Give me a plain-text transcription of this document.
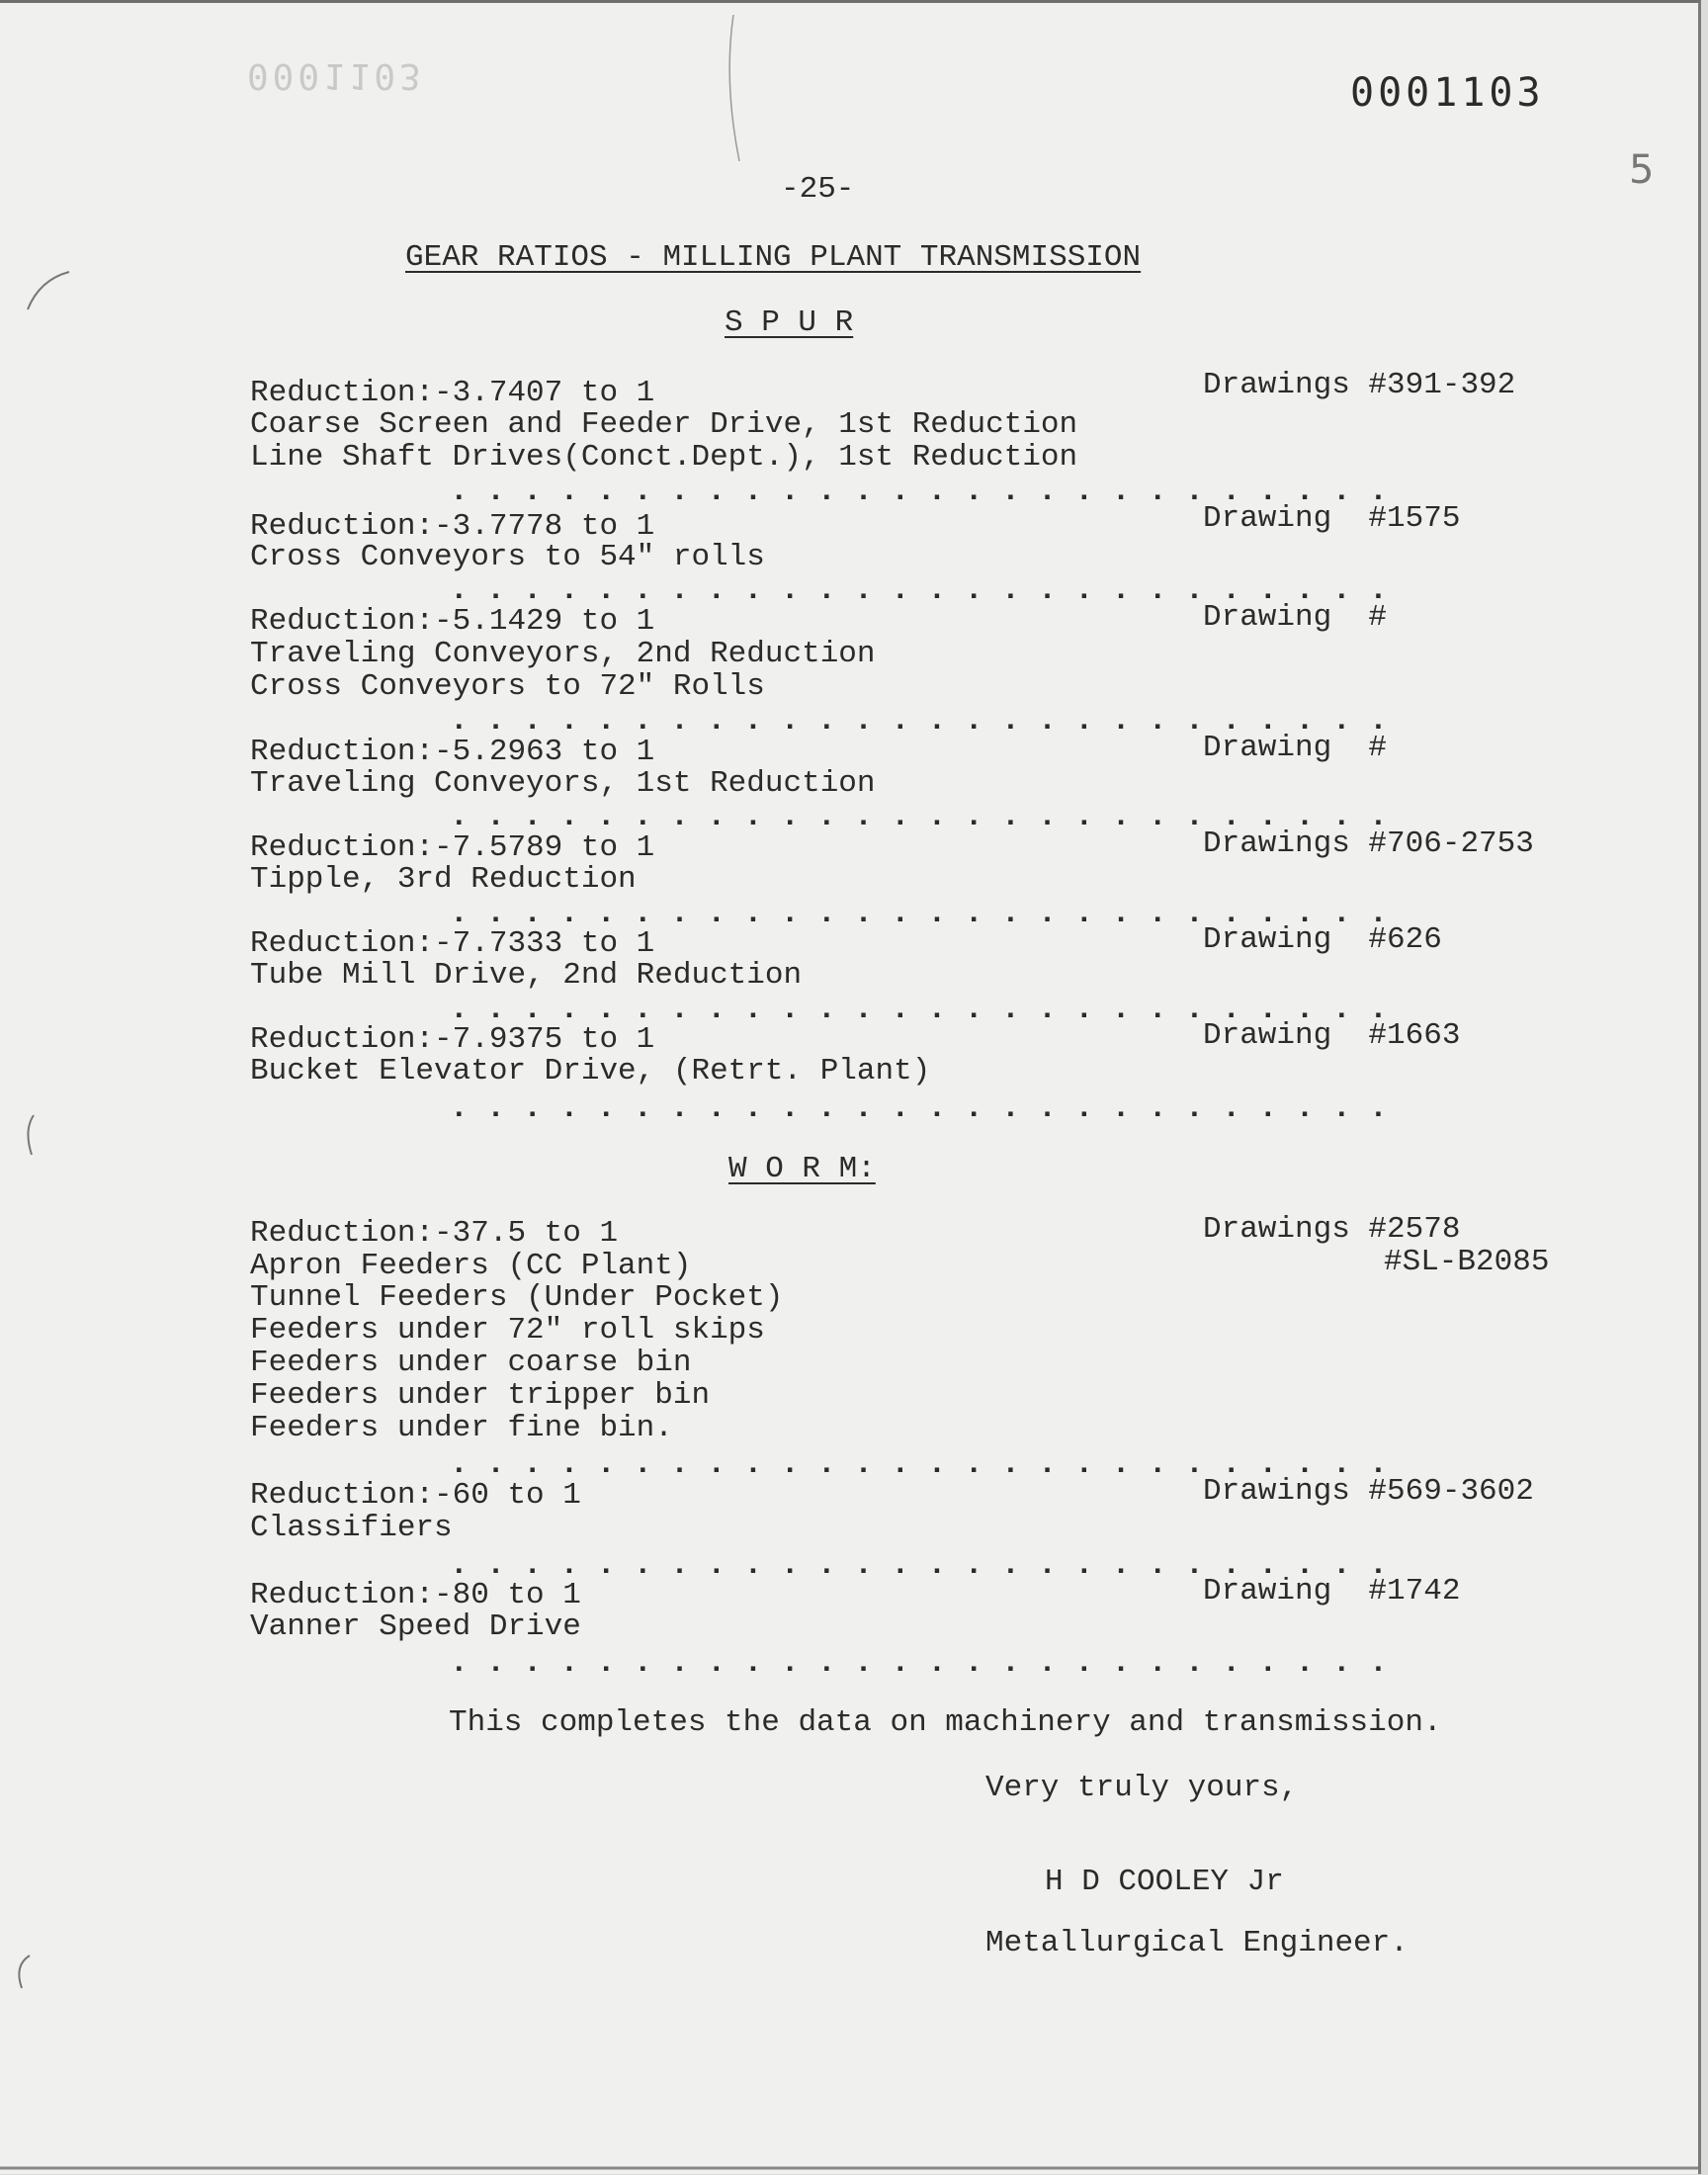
0001103	0001103
5
-25-
GEAR RATIOS - MILLING PLANT TRANSMISSION
S P U R
Reduction:-3.7407 to 1	Drawings #391-392
Coarse Screen and Feeder Drive, 1st Reduction
Line Shaft Drives(Conct.Dept.), 1st Reduction
. . . . . . . . . . . . . . . . . . . . . . . . . .
Reduction:-3.7778 to 1	Drawing  #1575
Cross Conveyors to 54" rolls
. . . . . . . . . . . . . . . . . . . . . . . . . .
Reduction:-5.1429 to 1	Drawing  #
Traveling Conveyors, 2nd Reduction
Cross Conveyors to 72" Rolls
. . . . . . . . . . . . . . . . . . . . . . . . . .
Reduction:-5.2963 to 1	Drawing  #
Traveling Conveyors, 1st Reduction
. . . . . . . . . . . . . . . . . . . . . . . . . .
Reduction:-7.5789 to 1	Drawings #706-2753
Tipple, 3rd Reduction
. . . . . . . . . . . . . . . . . . . . . . . . . .
Reduction:-7.7333 to 1	Drawing  #626
Tube Mill Drive, 2nd Reduction
. . . . . . . . . . . . . . . . . . . . . . . . . .
Reduction:-7.9375 to 1	Drawing  #1663
Bucket Elevator Drive, (Retrt. Plant)
. . . . . . . . . . . . . . . . . . . . . . . . . .
W O R M:
Reduction:-37.5 to 1	Drawings #2578
#SL-B2085
Apron Feeders (CC Plant)
Tunnel Feeders (Under Pocket)
Feeders under 72" roll skips
Feeders under coarse bin
Feeders under tripper bin
Feeders under fine bin.
. . . . . . . . . . . . . . . . . . . . . . . . . .
Reduction:-60 to 1	Drawings #569-3602
Classifiers
. . . . . . . . . . . . . . . . . . . . . . . . . .
Reduction:-80 to 1	Drawing  #1742
Vanner Speed Drive
. . . . . . . . . . . . . . . . . . . . . . . . . .
This completes the data on machinery and transmission.
Very truly yours,
H D COOLEY Jr
Metallurgical Engineer.
